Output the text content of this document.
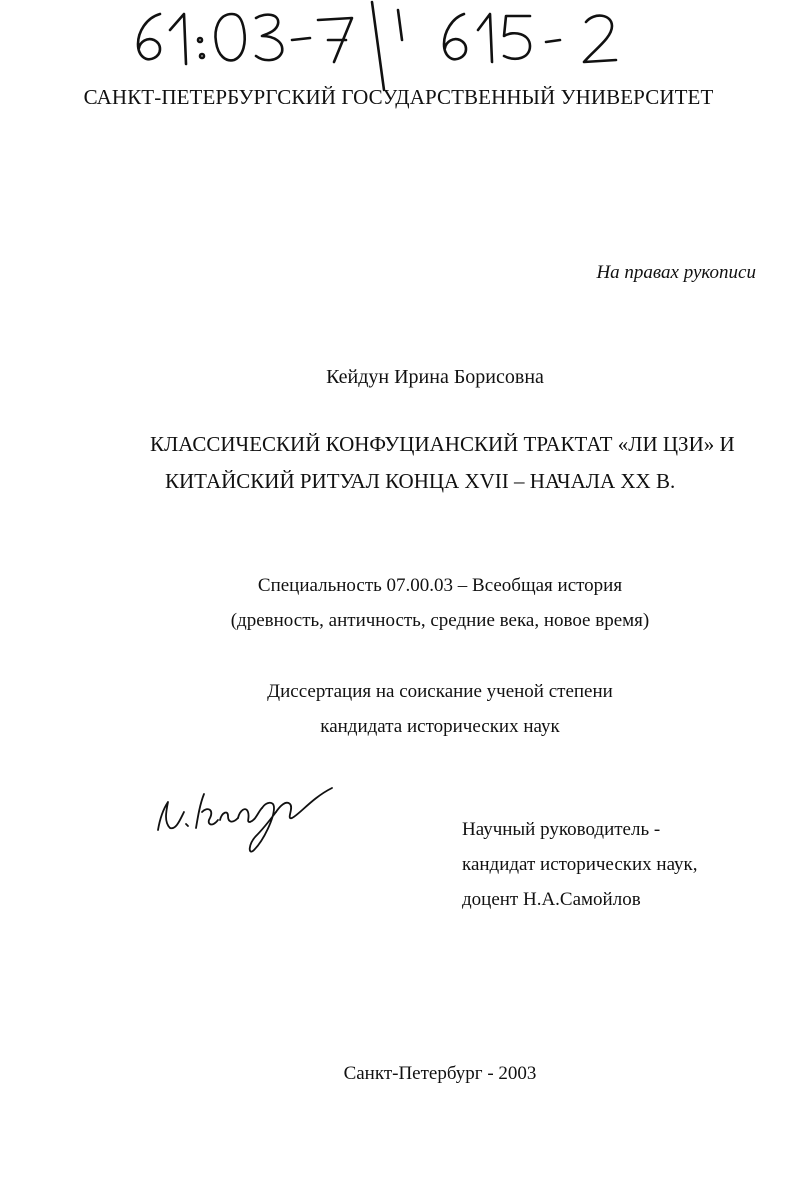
САНКТ-ПЕТЕРБУРГСКИЙ ГОСУДАРСТВЕННЫЙ УНИВЕРСИТЕТ
На правах рукописи
Кейдун Ирина Борисовна
КЛАССИЧЕСКИЙ КОНФУЦИАНСКИЙ ТРАКТАТ «ЛИ ЦЗИ» И
КИТАЙСКИЙ РИТУАЛ КОНЦА XVII – НАЧАЛА XX В.
Специальность 07.00.03 – Всеобщая история
(древность, античность, средние века, новое время)
Диссертация на соискание ученой степени
кандидата исторических наук
Научный руководитель -
кандидат исторических наук,
доцент Н.А.Самойлов
Санкт-Петербург - 2003
